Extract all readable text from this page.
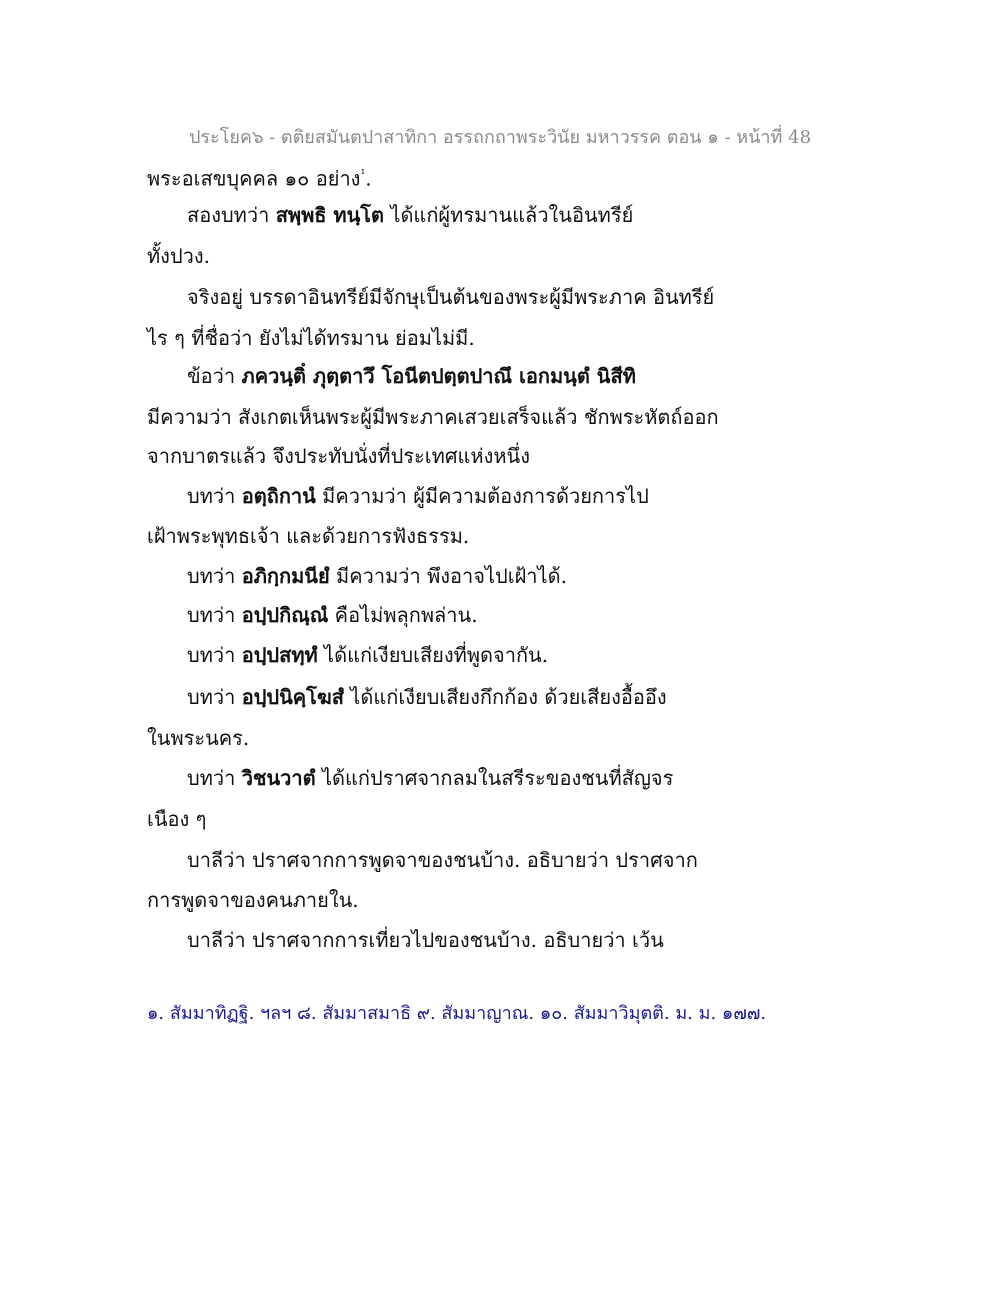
ประโยค๖ - ตติยสมันตปาสาทิกา อรรถกถาพระวินัย มหาวรรค ตอน ๑ - หน้าที่ 48
พระอเสขบุคคล ๑๐ อย่าง$^{^1}$.
สองบทว่า สพฺพธิ ทนฺโต ได้แก่ผู้ทรมานแล้วในอินทรีย์
ทั้งปวง.
จริงอยู่ บรรดาอินทรีย์มีจักษุเป็นต้นของพระผู้มีพระภาค อินทรีย์
ไร ๆ ที่ชื่อว่า ยังไม่ได้ทรมาน ย่อมไม่มี.
ข้อว่า ภควนฺติํ ภุตฺตาวึ โอนีตปตฺตปาณึ เอกมนฺตํ นิสีทิ
มีความว่า สังเกตเห็นพระผู้มีพระภาคเสวยเสร็จแล้ว ชักพระหัตถ์ออก
จากบาตรแล้ว จึงประทับนั่งที่ประเทศแห่งหนึ่ง
บทว่า อตฺถิกานํ มีความว่า ผู้มีความต้องการด้วยการไป
เฝ้าพระพุทธเจ้า และด้วยการฟังธรรม.
บทว่า อภิกฺกมนียํ มีความว่า พึงอาจไปเฝ้าได้.
บทว่า อปฺปกิณฺณํ คือไม่พลุกพล่าน.
บทว่า อปฺปสทฺทํ ได้แก่เงียบเสียงที่พูดจากัน.
บทว่า อปฺปนิคฺโฆสํ ได้แก่เงียบเสียงกึกก้อง ด้วยเสียงอื้ออึง
ในพระนคร.
บทว่า วิชนวาตํ ได้แก่ปราศจากลมในสรีระของชนที่สัญจร
เนือง ๆ
บาลีว่า ปราศจากการพูดจาของชนบ้าง. อธิบายว่า ปราศจาก
การพูดจาของคนภายใน.
บาลีว่า ปราศจากการเที่ยวไปของชนบ้าง. อธิบายว่า เว้น
๑. สัมมาทิฏฐิ. ฯลฯ ๘. สัมมาสมาธิ ๙. สัมมาญาณ. ๑๐. สัมมาวิมุตติ. ม. ม. ๑๗๗.
